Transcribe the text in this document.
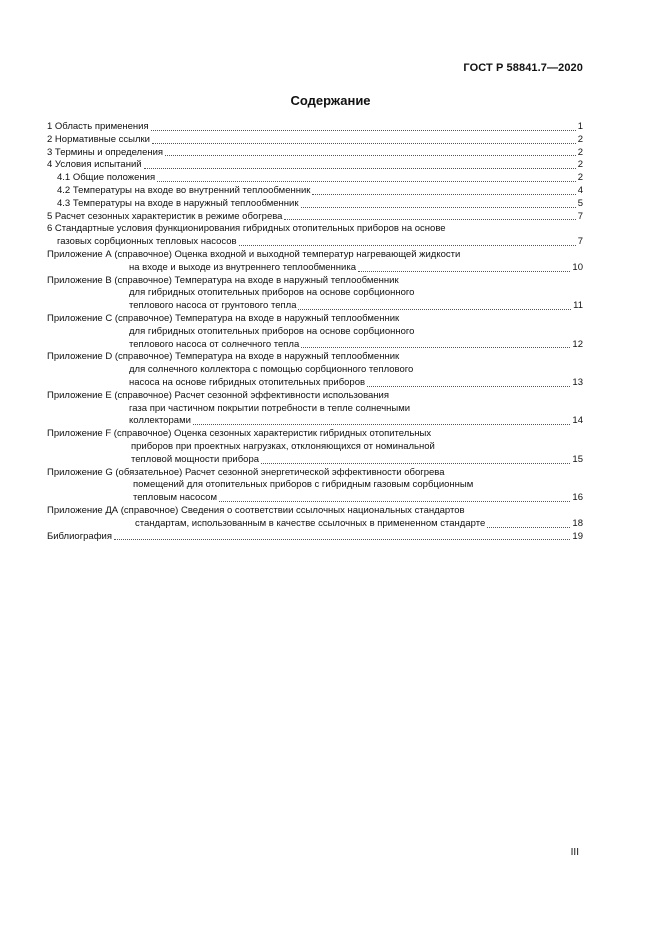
ГОСТ Р 58841.7—2020
Содержание
1 Область применения	1
2 Нормативные ссылки	2
3 Термины и определения	2
4 Условия испытаний	2
4.1 Общие положения	2
4.2 Температуры на входе во внутренний теплообменник	4
4.3 Температуры на входе в наружный теплообменник	5
5 Расчет сезонных характеристик в режиме обогрева	7
6 Стандартные условия функционирования гибридных отопительных приборов на основе
газовых сорбционных тепловых насосов	7
Приложение А (справочное) Оценка входной и выходной температур нагревающей жидкости
на входе и выходе из внутреннего теплообменника	10
Приложение В (справочное) Температура на входе в наружный теплообменник
для гибридных отопительных приборов на основе сорбционного
теплового насоса от грунтового тепла	11
Приложение С (справочное) Температура на входе в наружный теплообменник
для гибридных отопительных приборов на основе сорбционного
теплового насоса от солнечного тепла	12
Приложение D (справочное) Температура на входе в наружный теплообменник
для солнечного коллектора с помощью сорбционного теплового
насоса на основе гибридных отопительных приборов	13
Приложение Е (справочное) Расчет сезонной эффективности использования
газа при частичном покрытии потребности в тепле солнечными
коллекторами	14
Приложение F (справочное) Оценка сезонных характеристик гибридных отопительных
приборов при проектных нагрузках, отклоняющихся от номинальной
тепловой мощности прибора	15
Приложение G (обязательное) Расчет сезонной энергетической эффективности обогрева
помещений для отопительных приборов с гибридным газовым сорбционным
тепловым насосом	16
Приложение ДА (справочное) Сведения о соответствии ссылочных национальных стандартов
стандартам, использованным в качестве ссылочных в примененном стандарте	18
Библиография	19
III
